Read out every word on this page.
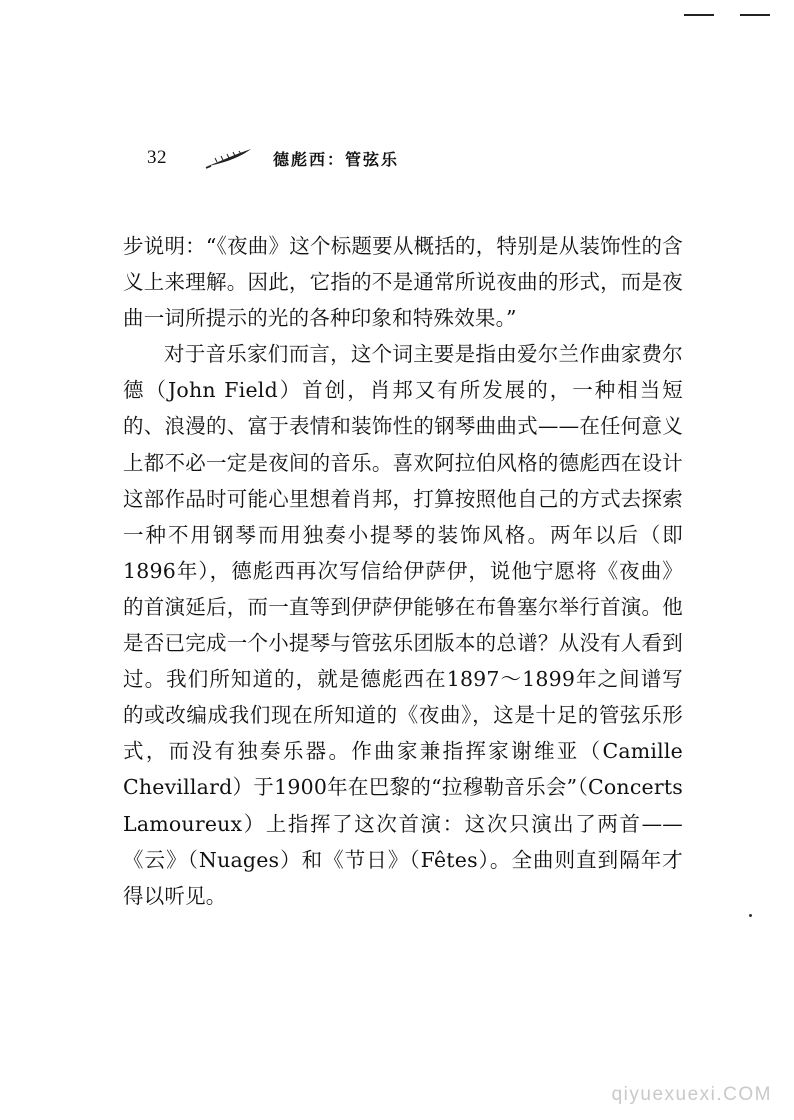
32	德彪西：管弦乐

步说明：“《夜曲》这个标题要从概括的，特别是从装饰性的含义上来理解。因此，它指的不是通常所说夜曲的形式，而是夜曲一词所提示的光的各种印象和特殊效果。”

对于音乐家们而言，这个词主要是指由爱尔兰作曲家费尔德（John Field）首创，肖邦又有所发展的，一种相当短的、浪漫的、富于表情和装饰性的钢琴曲曲式——在任何意义上都不必一定是夜间的音乐。喜欢阿拉伯风格的德彪西在设计这部作品时可能心里想着肖邦，打算按照他自己的方式去探索一种不用钢琴而用独奏小提琴的装饰风格。两年以后（即1896年），德彪西再次写信给伊萨伊，说他宁愿将《夜曲》的首演延后，而一直等到伊萨伊能够在布鲁塞尔举行首演。他是否已完成一个小提琴与管弦乐团版本的总谱？从没有人看到过。我们所知道的，就是德彪西在1897～1899年之间谱写的或改编成我们现在所知道的《夜曲》，这是十足的管弦乐形式，而没有独奏乐器。作曲家兼指挥家谢维亚（Camille Chevillard）于1900年在巴黎的“拉穆勒音乐会”（Concerts Lamoureux）上指挥了这次首演：这次只演出了两首——《云》（Nuages）和《节日》（Fêtes）。全曲则直到隔年才得以听见。

qiyuexuexi.COM
